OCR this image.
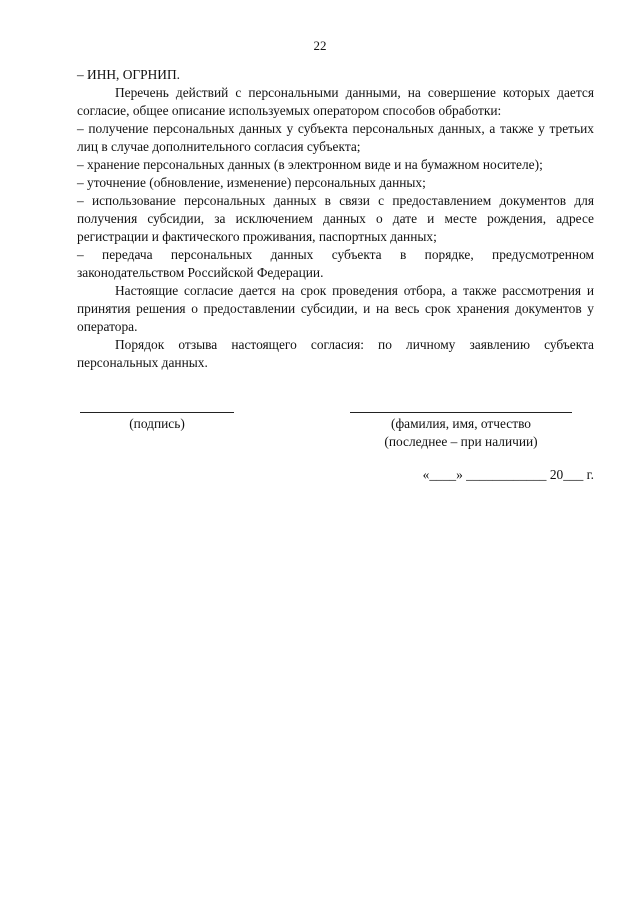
22

– ИНН, ОГРНИП.

Перечень действий с персональными данными, на совершение которых дается согласие, общее описание используемых оператором способов обработки:

– получение персональных данных у субъекта персональных данных, а также у третьих лиц в случае дополнительного согласия субъекта;

– хранение персональных данных (в электронном виде и на бумажном носителе);

– уточнение (обновление, изменение) персональных данных;

– использование персональных данных в связи с предоставлением документов для получения субсидии, за исключением данных о дате и месте рождения, адресе регистрации и фактического проживания, паспортных данных;

– передача персональных данных субъекта в порядке, предусмотренном законодательством Российской Федерации.

Настоящие согласие дается на срок проведения отбора, а также рассмотрения и принятия решения о предоставлении субсидии, и на весь срок хранения документов у оператора.

Порядок отзыва настоящего согласия: по личному заявлению субъекта персональных данных.

(подпись)	(фамилия, имя, отчество
(последнее – при наличии)
«____» ____________ 20___ г.
